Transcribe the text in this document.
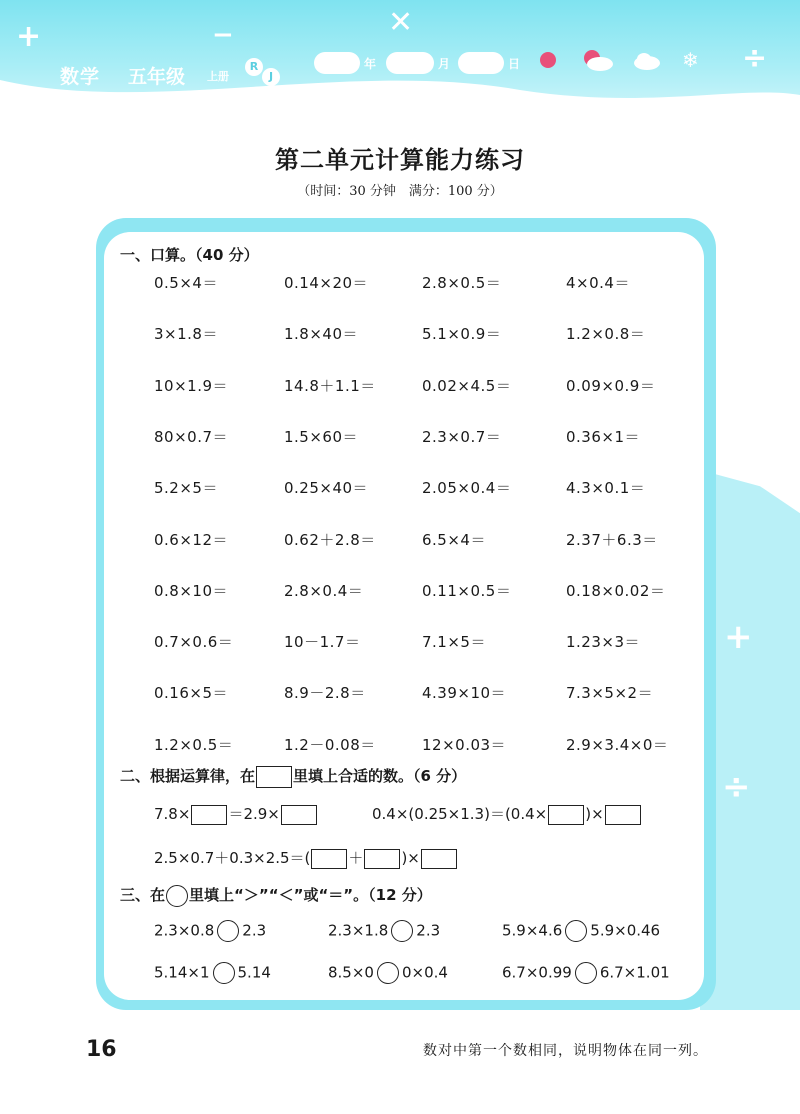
+	✕
−
÷
数学 五年级 上册
R
J
年	月	日	❄
第二单元计算能力练习
（时间：30 分钟　满分：100 分）
+
÷
一、口算。（40 分）
0.5×4＝	0.14×20＝	2.8×0.5＝	4×0.4＝
3×1.8＝	1.8×40＝	5.1×0.9＝	1.2×0.8＝
10×1.9＝	14.8＋1.1＝	0.02×4.5＝	0.09×0.9＝
80×0.7＝	1.5×60＝	2.3×0.7＝	0.36×1＝
5.2×5＝	0.25×40＝	2.05×0.4＝	4.3×0.1＝
0.6×12＝	0.62＋2.8＝	6.5×4＝	2.37＋6.3＝
0.8×10＝	2.8×0.4＝	0.11×0.5＝	0.18×0.02＝
0.7×0.6＝	10－1.7＝	7.1×5＝	1.23×3＝
0.16×5＝	8.9－2.8＝	4.39×10＝	7.3×5×2＝
1.2×0.5＝	1.2－0.08＝	12×0.03＝	2.9×3.4×0＝
二、根据运算律，在	里填上合适的数。（6 分）
7.8×	＝2.9×	0.4×(0.25×1.3)＝(0.4×	)×
2.5×0.7＋0.3×2.5＝(	＋	)×
三、在 里填上“＞”“＜”或“＝”。（12 分）
2.3×0.8 2.3	2.3×1.8 2.3	5.9×4.6 5.9×0.46
5.14×1 5.14	8.5×0 0×0.4	6.7×0.99 6.7×1.01
16	数对中第一个数相同，说明物体在同一列。
